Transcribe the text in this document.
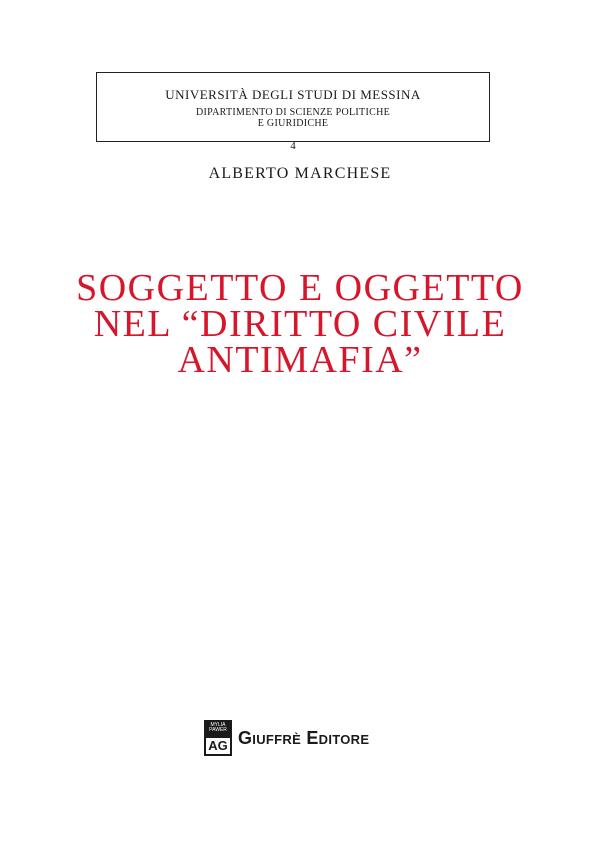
UNIVERSITÀ DEGLI STUDI DI MESSINA
DIPARTIMENTO DI SCIENZE POLITICHE
E GIURIDICHE
4
ALBERTO MARCHESE
SOGGETTO E OGGETTO
NEL “DIRITTO CIVILE
ANTIMAFIA”
MYLIA PAWER
AG Giuffrè Editore
